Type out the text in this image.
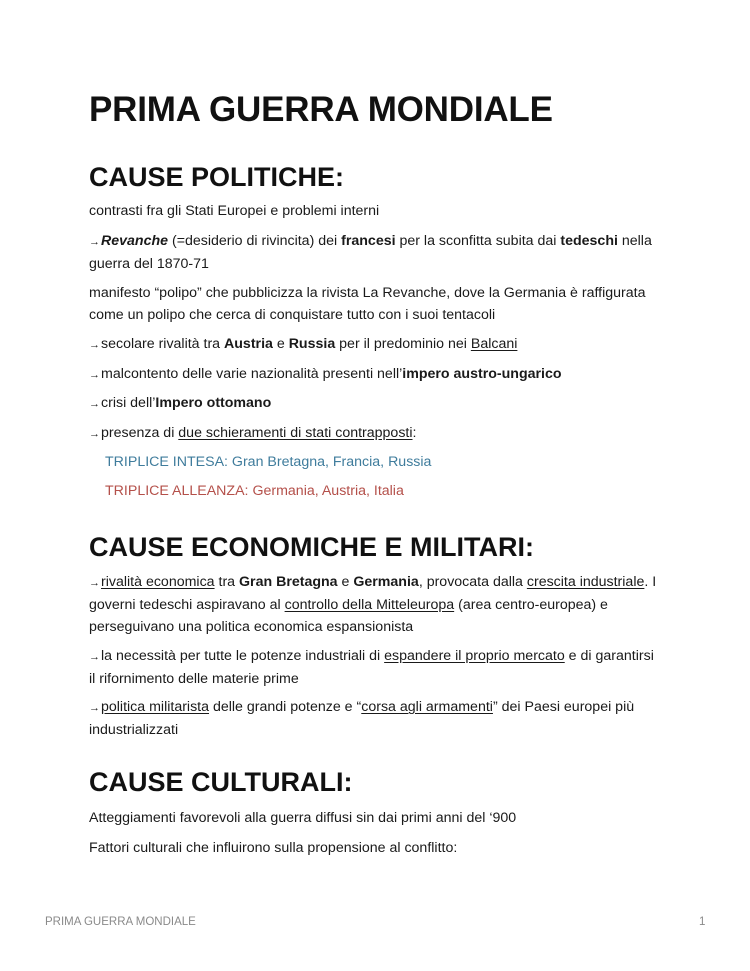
PRIMA GUERRA MONDIALE
CAUSE POLITICHE:

contrasti fra gli Stati Europei e problemi interni

→Revanche (=desiderio di rivincita) dei francesi per la sconfitta subita dai tedeschi nella guerra del 1870-71

manifesto “polipo” che pubblicizza la rivista La Revanche, dove la Germania è raffigurata come un polipo che cerca di conquistare tutto con i suoi tentacoli

→secolare rivalità tra Austria e Russia per il predominio nei Balcani

→malcontento delle varie nazionalità presenti nell’impero austro-ungarico

→crisi dell’Impero ottomano

→presenza di due schieramenti di stati contrapposti:

TRIPLICE INTESA: Gran Bretagna, Francia, Russia

TRIPLICE ALLEANZA: Germania, Austria, Italia

CAUSE ECONOMICHE E MILITARI:

→rivalità economica tra Gran Bretagna e Germania, provocata dalla crescita industriale. I governi tedeschi aspiravano al controllo della Mitteleuropa (area centro-europea) e perseguivano una politica economica espansionista

→la necessità per tutte le potenze industriali di espandere il proprio mercato e di garantirsi il rifornimento delle materie prime

→politica militarista delle grandi potenze e “corsa agli armamenti” dei Paesi europei più industrializzati

CAUSE CULTURALI:

Atteggiamenti favorevoli alla guerra diffusi sin dai primi anni del ‘900

Fattori culturali che influirono sulla propensione al conflitto:

PRIMA GUERRA MONDIALE	1
